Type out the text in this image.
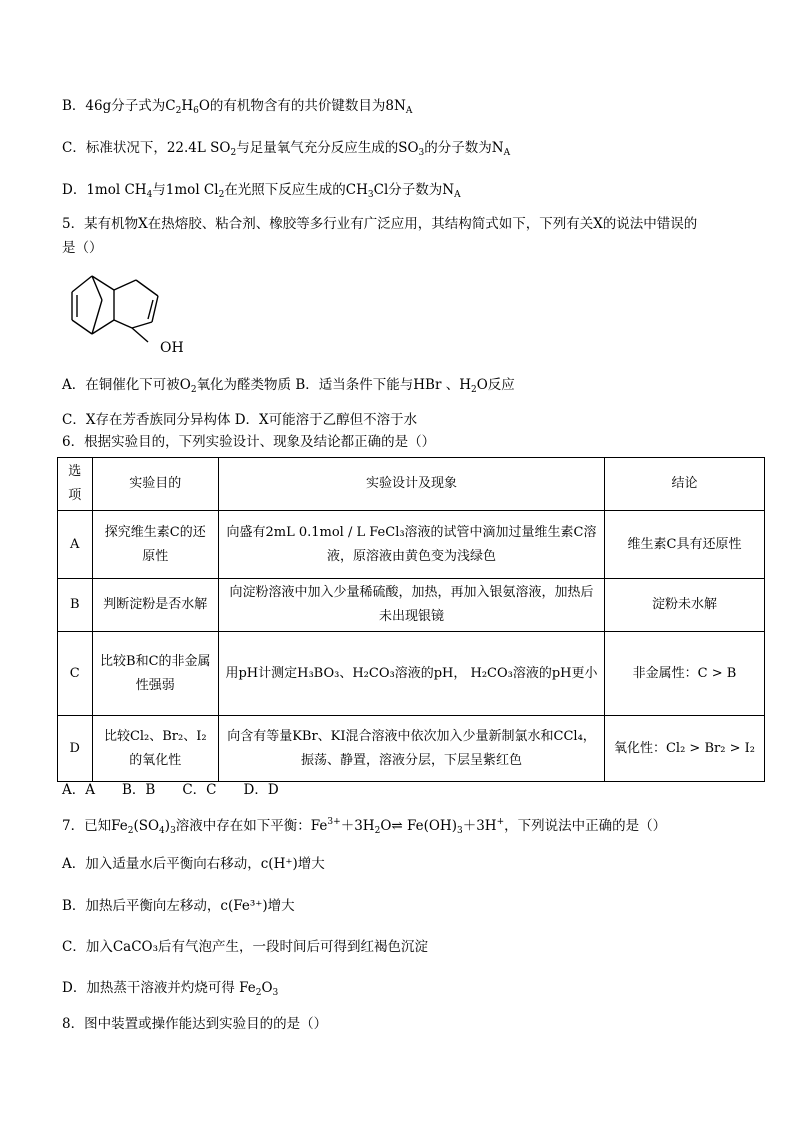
B．46g分子式为$C_2H_6O$的有机物含有的共价键数目为$8N_A$
C．标准状况下，22.4L $SO_2$与足量氧气充分反应生成的$SO_3$的分子数为$N_A$
D．1mol $CH_4$与1mol $Cl_2$在光照下反应生成的$CH_3Cl$分子数为$N_A$
5．某有机物X在热熔胶、粘合剂、橡胶等多行业有广泛应用，其结构简式如下，下列有关X的说法中错误的
是（）
OH
A．在铜催化下可被$O_2$氧化为醛类物质 B．适当条件下能与HBr 、$H_2O$反应
C．X存在芳香族同分异构体 D．X可能溶于乙醇但不溶于水
6．根据实验目的，下列实验设计、现象及结论都正确的是（）
选项	实验目的	实验设计及现象	结论
A	探究维生素C的还原性	向盛有2mL 0.1mol / L FeCl₃溶液的试管中滴加过量维生素C溶液，原溶液由黄色变为浅绿色	维生素C具有还原性
B	判断淀粉是否水解	向淀粉溶液中加入少量稀硫酸，加热，再加入银氨溶液，加热后未出现银镜	淀粉未水解
C	比较B和C的非金属性强弱	用pH计测定H₃BO₃、H₂CO₃溶液的pH， H₂CO₃溶液的pH更小	非金属性：C > B
D	比较Cl₂、Br₂、I₂的氧化性	向含有等量KBr、KI混合溶液中依次加入少量新制氯水和CCl₄，振荡、静置，溶液分层，下层呈紫红色	氧化性：Cl₂ > Br₂ > I₂
A．A　　B．B　　C．C　　D．D
7．已知$Fe_2(SO_4)_3$溶液中存在如下平衡：$Fe^{3+}+3H_2O\rightleftharpoons$ $Fe(OH)_3+3H^+$，下列说法中正确的是（）
A．加入适量水后平衡向右移动，c(H⁺)增大
B．加热后平衡向左移动，c(Fe³⁺)增大
C．加入CaCO₃后有气泡产生，一段时间后可得到红褐色沉淀
D．加热蒸干溶液并灼烧可得 $Fe_2O_3$
8．图中装置或操作能达到实验目的的是（）
